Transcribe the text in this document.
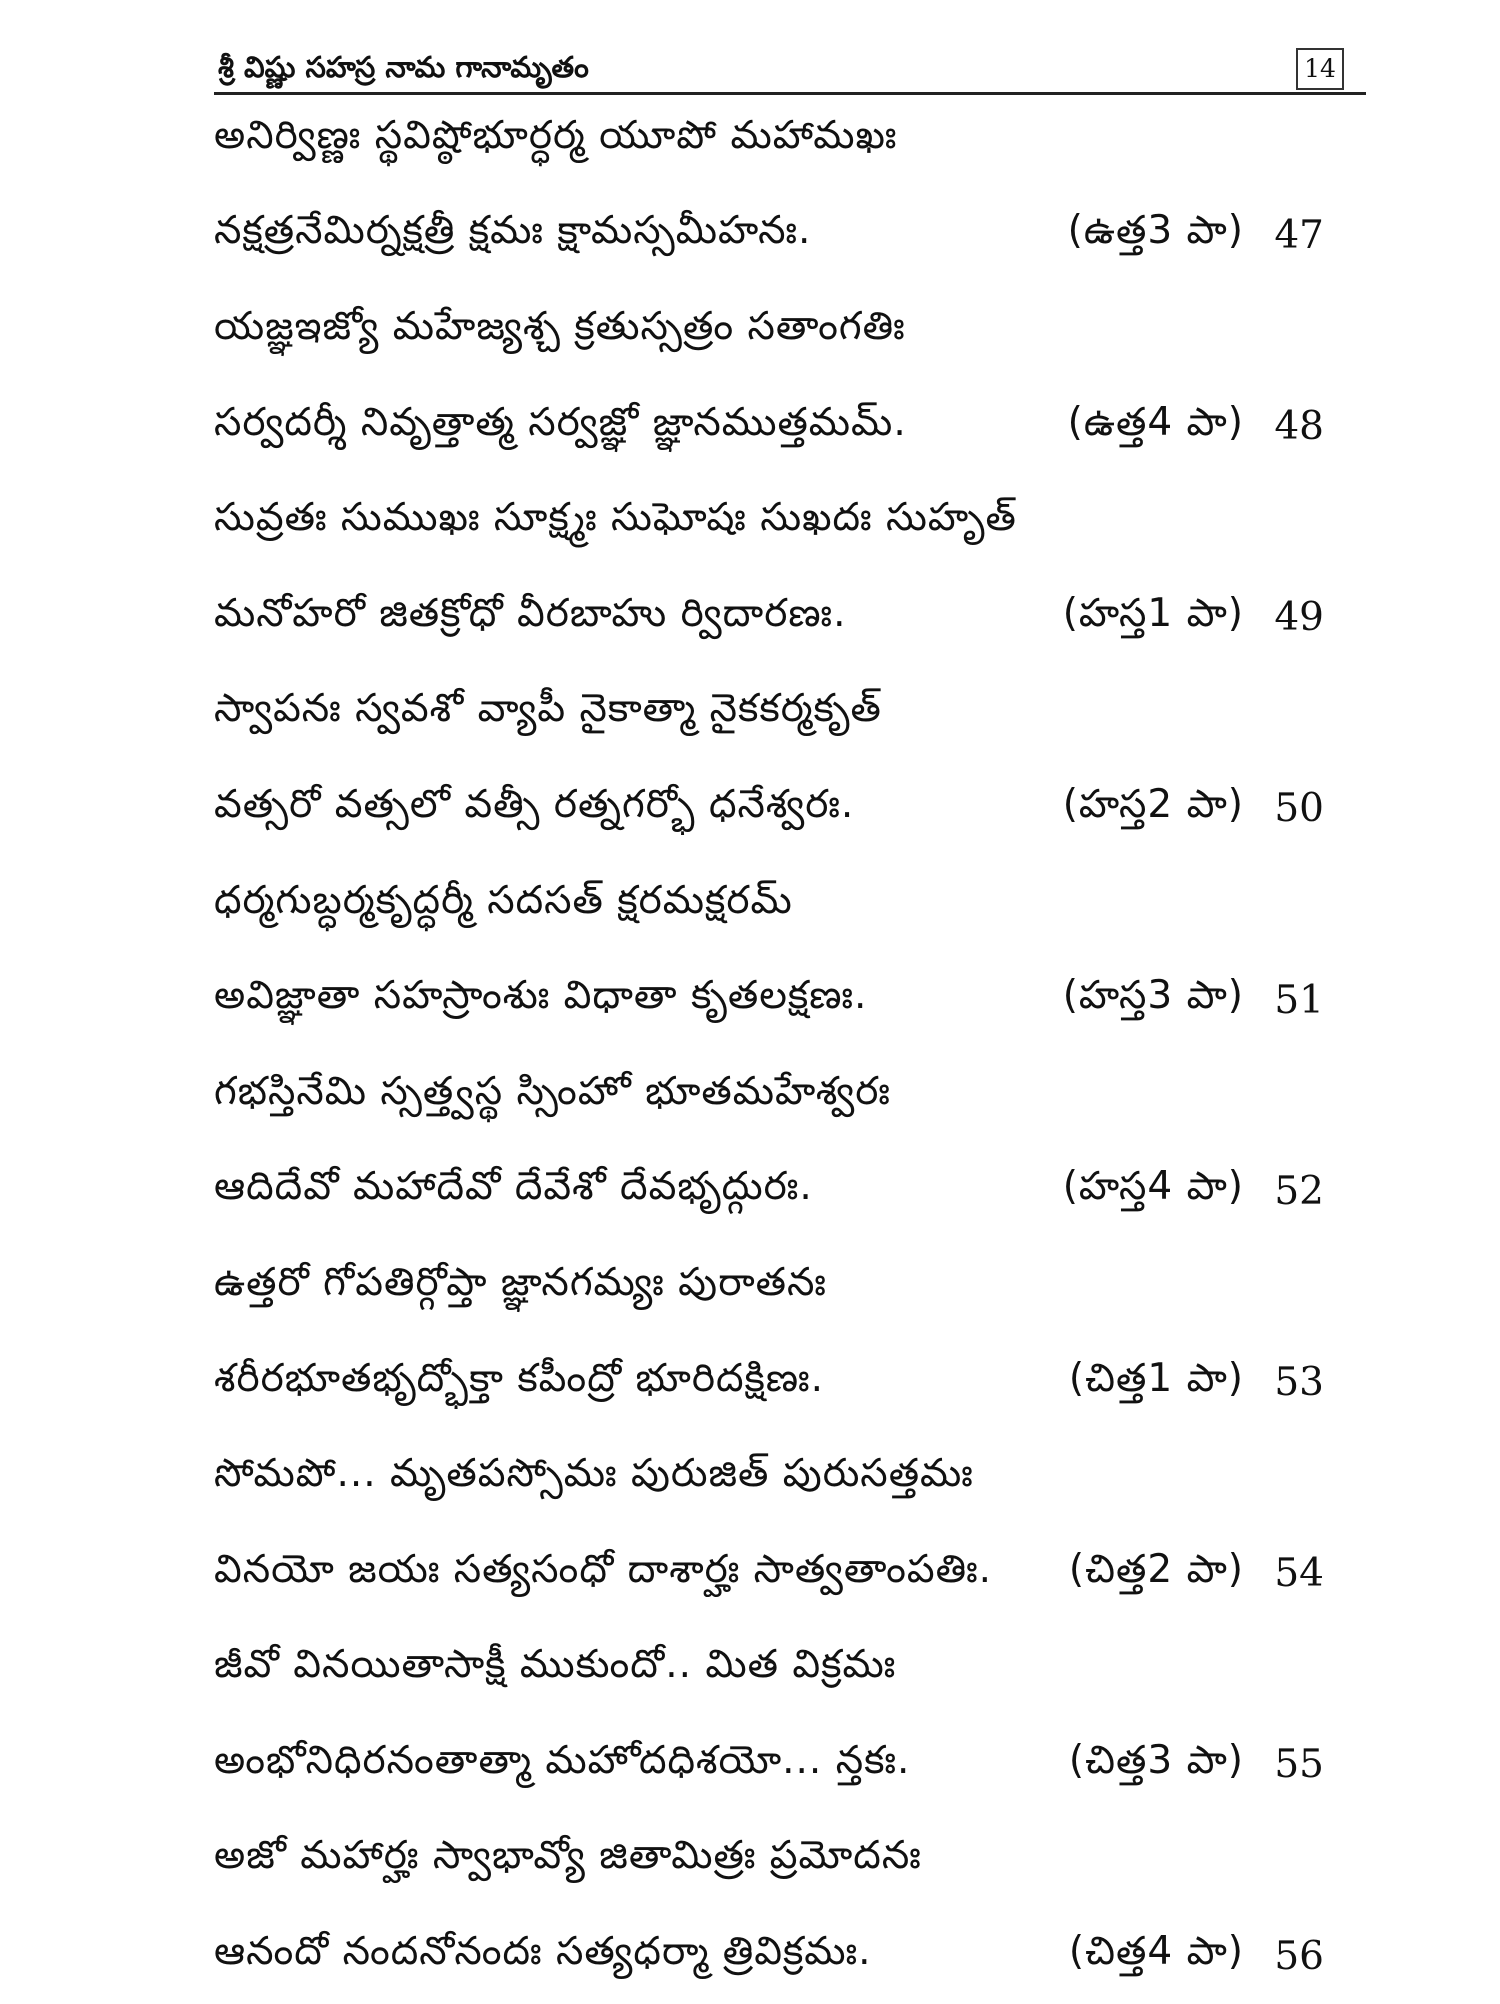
శ్రీ విష్ణు సహస్ర నామ గానామృతం	14
అనిర్విణ్ణః స్థవిష్ఠోభూర్ధర్మ యూపో మహామఖః
నక్షత్రనేమిర్నక్షత్రీ క్షమః క్షామస్సమీహనః.	(ఉత్త3 పా) 47
యజ్ఞఇజ్యో మహేజ్యశ్చ క్రతుస్సత్రం సతాంగతిః
సర్వదర్శీ నివృత్తాత్మ సర్వజ్ఞో జ్ఞానముత్తమమ్.	(ఉత్త4 పా) 48
సువ్రతః సుముఖః సూక్ష్మః సుఘోషః సుఖదః సుహృత్
మనోహరో జితక్రోధో వీరబాహు ర్విదారణః.	(హస్త1 పా) 49
స్వాపనః స్వవశో వ్యాపీ నైకాత్మా నైకకర్మకృత్
వత్సరో వత్సలో వత్సీ రత్నగర్భో ధనేశ్వరః.	(హస్త2 పా) 50
ధర్మగుబ్ధర్మకృద్ధర్మీ సదసత్ క్షరమక్షరమ్
అవిజ్ఞాతా సహస్రాంశుః విధాతా కృతలక్షణః.	(హస్త3 పా) 51
గభస్తినేమి స్సత్త్వస్థ స్సింహో భూతమహేశ్వరః
ఆదిదేవో మహాదేవో దేవేశో దేవభృద్గురః.	(హస్త4 పా) 52
ఉత్తరో గోపతిర్గోప్తా జ్ఞానగమ్యః పురాతనః
శరీరభూతభృద్భోక్తా కపీంద్రో భూరిదక్షిణః.	(చిత్త1 పా) 53
సోమపో... మృతపస్సోమః పురుజిత్ పురుసత్తమః
వినయో జయః సత్యసంధో దాశార్హః సాత్వతాంపతిః. (చిత్త2 పా) 54
జీవో వినయితాసాక్షీ ముకుందో.. మిత విక్రమః
అంభోనిధిరనంతాత్మా మహోదధిశయో... న్తకః.	(చిత్త3 పా) 55
అజో మహార్హః స్వాభావ్యో జితామిత్రః ప్రమోదనః
ఆనందో నందనోనందః సత్యధర్మా త్రివిక్రమః.	(చిత్త4 పా) 56
